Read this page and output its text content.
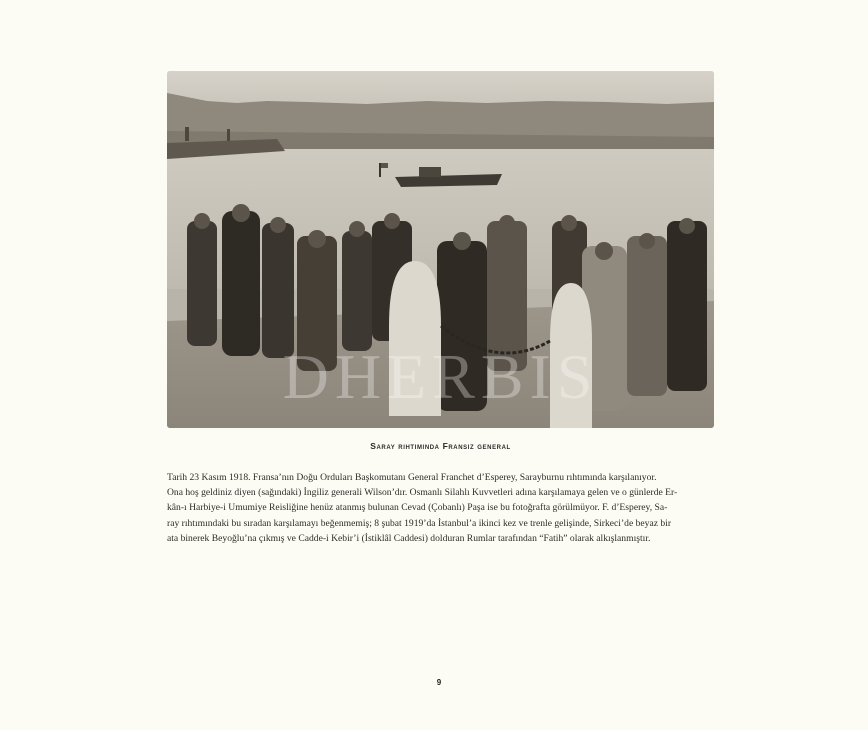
DHERBIS
Saray rıhtımında Fransız general
Tarih 23 Kasım 1918. Fransa’nın Doğu Orduları Başkomutanı General Franchet d’Esperey, Sarayburnu rıhtımında karşılanıyor.
Ona hoş geldiniz diyen (sağındaki) İngiliz generali Wilson’dır. Osmanlı Silahlı Kuvvetleri adına karşılamaya gelen ve o günlerde Er-
kân-ı Harbiye-i Umumiye Reisliğine henüz atanmış bulunan Cevad (Çobanlı) Paşa ise bu fotoğrafta görülmüyor. F. d’Esperey, Sa-
ray rıhtımındaki bu sıradan karşılamayı beğenmemiş; 8 şubat 1919’da İstanbul’a ikinci kez ve trenle gelişinde, Sirkeci’de beyaz bir
ata binerek Beyoğlu’na çıkmış ve Cadde-i Kebir’i (İstiklâl Caddesi) dolduran Rumlar tarafından “Fatih” olarak alkışlanmıştır.
9
